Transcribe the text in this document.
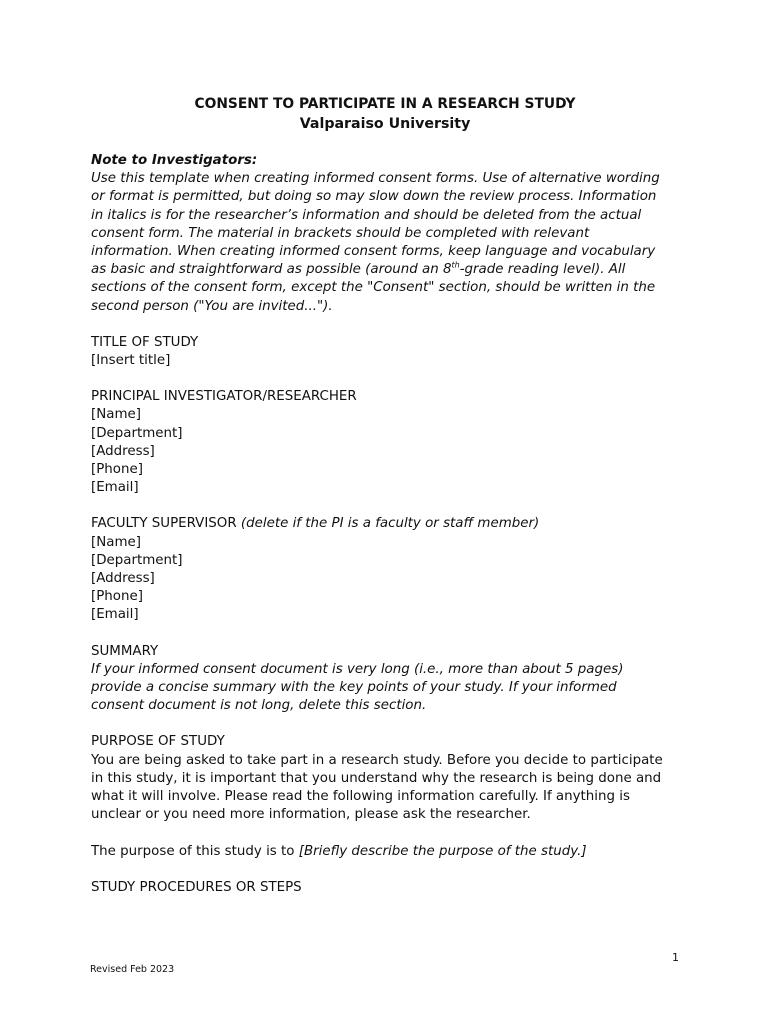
CONSENT TO PARTICIPATE IN A RESEARCH STUDY
Valparaiso University
Note to Investigators:
Use this template when creating informed consent forms. Use of alternative wording
or format is permitted, but doing so may slow down the review process. Information
in italics is for the researcher’s information and should be deleted from the actual
consent form. The material in brackets should be completed with relevant
information. When creating informed consent forms, keep language and vocabulary
as basic and straightforward as possible (around an 8th-grade reading level). All
sections of the consent form, except the "Consent" section, should be written in the
second person ("You are invited...").
TITLE OF STUDY
[Insert title]
PRINCIPAL INVESTIGATOR/RESEARCHER
[Name]
[Department]
[Address]
[Phone]
[Email]
FACULTY SUPERVISOR (delete if the PI is a faculty or staff member)
[Name]
[Department]
[Address]
[Phone]
[Email]
SUMMARY
If your informed consent document is very long (i.e., more than about 5 pages)
provide a concise summary with the key points of your study. If your informed
consent document is not long, delete this section.
PURPOSE OF STUDY
You are being asked to take part in a research study. Before you decide to participate
in this study, it is important that you understand why the research is being done and
what it will involve. Please read the following information carefully. If anything is
unclear or you need more information, please ask the researcher.
The purpose of this study is to [Briefly describe the purpose of the study.]
STUDY PROCEDURES OR STEPS
1
Revised Feb 2023
